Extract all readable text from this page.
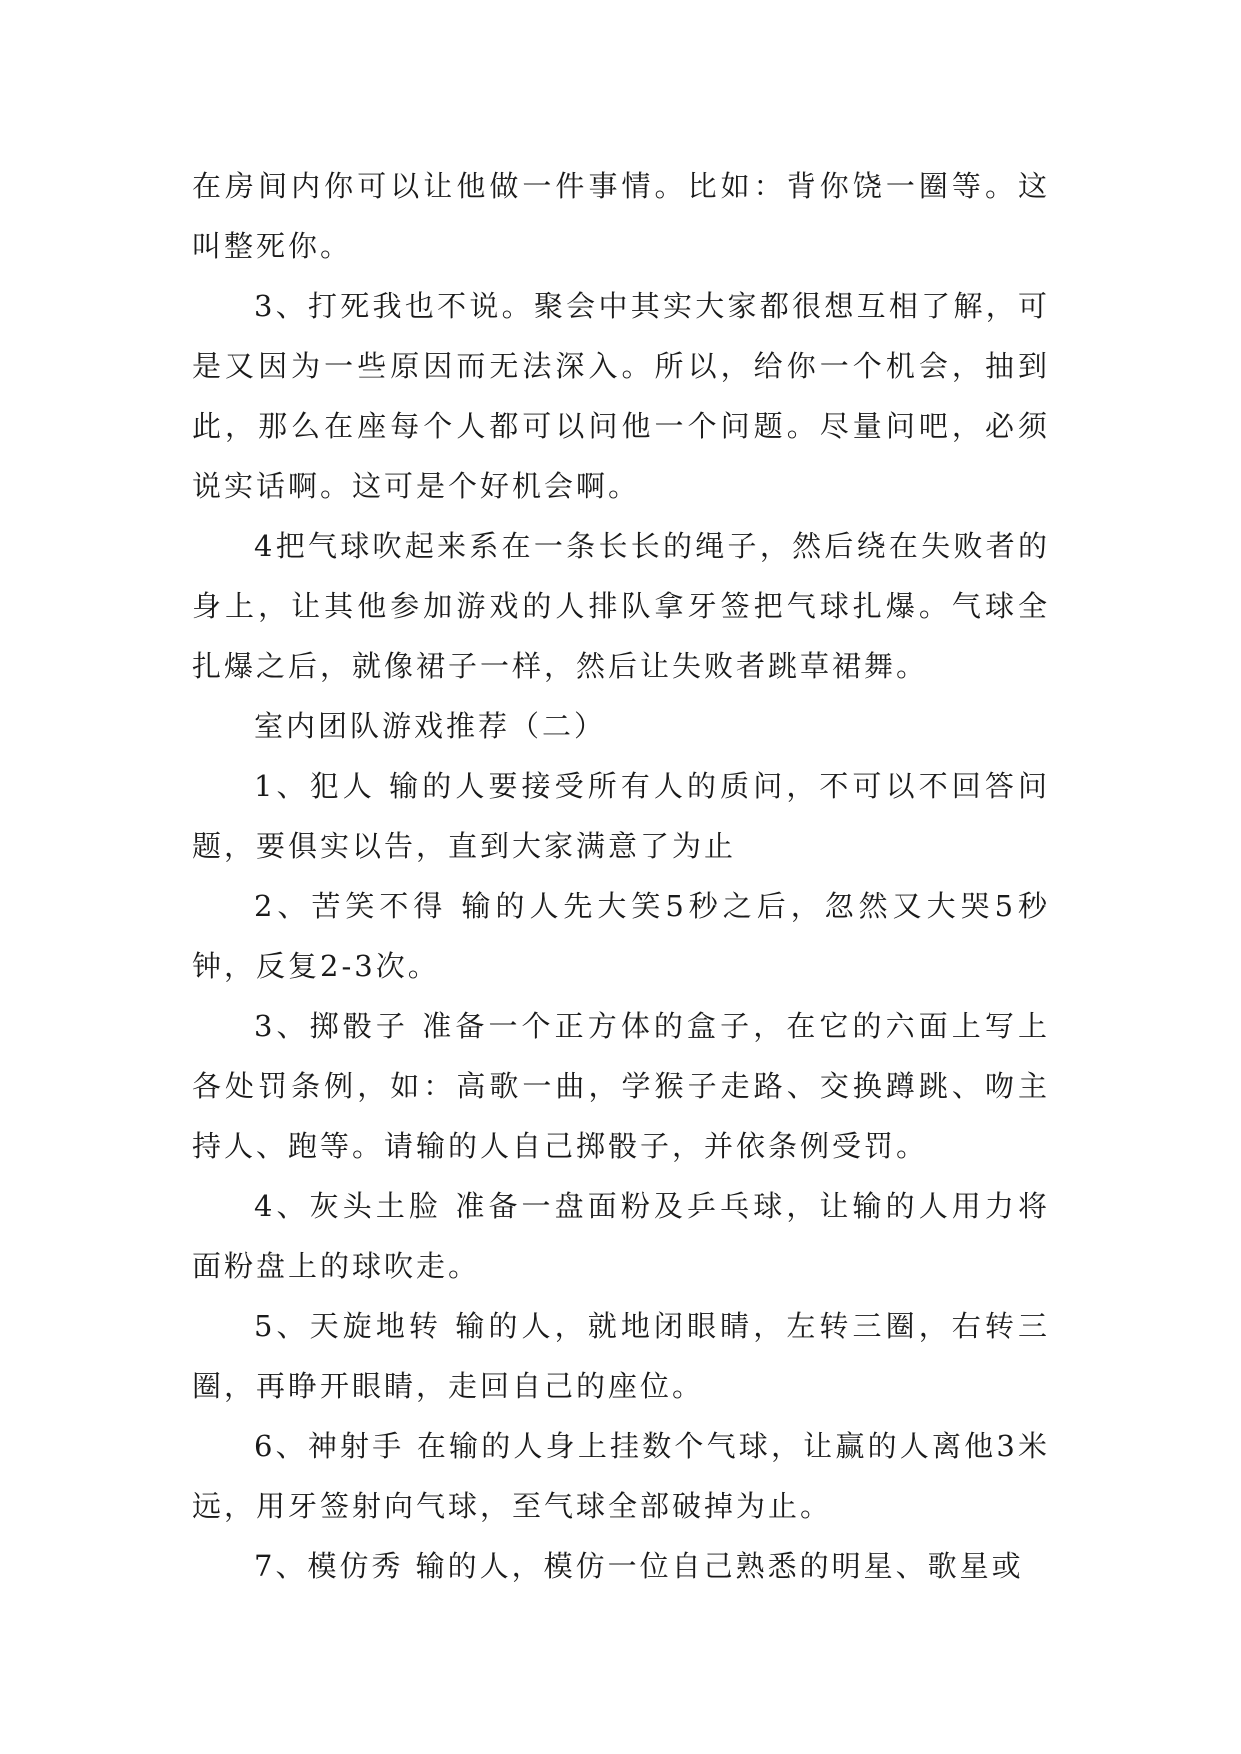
在房间内你可以让他做一件事情。比如：背你饶一圈等。这叫整死你。

3、打死我也不说。聚会中其实大家都很想互相了解，可是又因为一些原因而无法深入。所以，给你一个机会，抽到此，那么在座每个人都可以问他一个问题。尽量问吧，必须说实话啊。这可是个好机会啊。

4把气球吹起来系在一条长长的绳子，然后绕在失败者的身上，让其他参加游戏的人排队拿牙签把气球扎爆。气球全扎爆之后，就像裙子一样，然后让失败者跳草裙舞。

室内团队游戏推荐（二）

1、犯人 输的人要接受所有人的质问，不可以不回答问题，要俱实以告，直到大家满意了为止

2、苦笑不得 输的人先大笑5秒之后，忽然又大哭5秒钟，反复2-3次。

3、掷骰子 准备一个正方体的盒子，在它的六面上写上各处罚条例，如：高歌一曲，学猴子走路、交换蹲跳、吻主持人、跑等。请输的人自己掷骰子，并依条例受罚。

4、灰头土脸 准备一盘面粉及乒乓球，让输的人用力将面粉盘上的球吹走。

5、天旋地转 输的人，就地闭眼睛，左转三圈，右转三圈，再睁开眼睛，走回自己的座位。

6、神射手 在输的人身上挂数个气球，让赢的人离他3米远，用牙签射向气球，至气球全部破掉为止。

7、模仿秀 输的人，模仿一位自己熟悉的明星、歌星或
